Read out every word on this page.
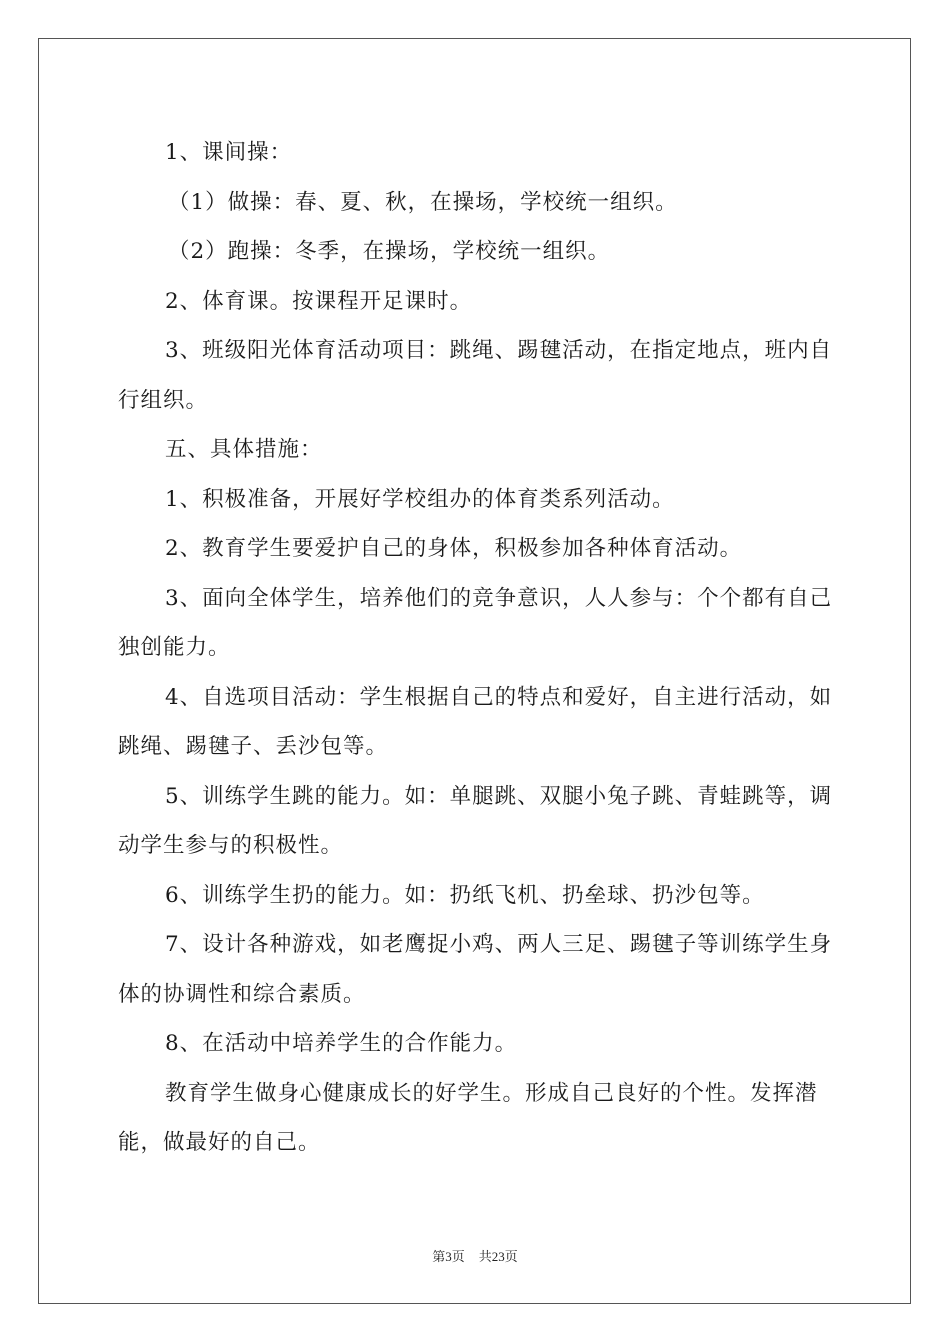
1、课间操：

（1）做操：春、夏、秋，在操场，学校统一组织。

（2）跑操：冬季，在操场，学校统一组织。

2、体育课。按课程开足课时。

3、班级阳光体育活动项目：跳绳、踢毽活动，在指定地点，班内自行组织。

五、具体措施：

1、积极准备，开展好学校组办的体育类系列活动。

2、教育学生要爱护自己的身体，积极参加各种体育活动。

3、面向全体学生，培养他们的竞争意识，人人参与：个个都有自己独创能力。

4、自选项目活动：学生根据自己的特点和爱好，自主进行活动，如跳绳、踢毽子、丢沙包等。

5、训练学生跳的能力。如：单腿跳、双腿小兔子跳、青蛙跳等，调动学生参与的积极性。

6、训练学生扔的能力。如：扔纸飞机、扔垒球、扔沙包等。

7、设计各种游戏，如老鹰捉小鸡、两人三足、踢毽子等训练学生身体的协调性和综合素质。

8、在活动中培养学生的合作能力。

教育学生做身心健康成长的好学生。形成自己良好的个性。发挥潜能，做最好的自己。

第3页 共23页
